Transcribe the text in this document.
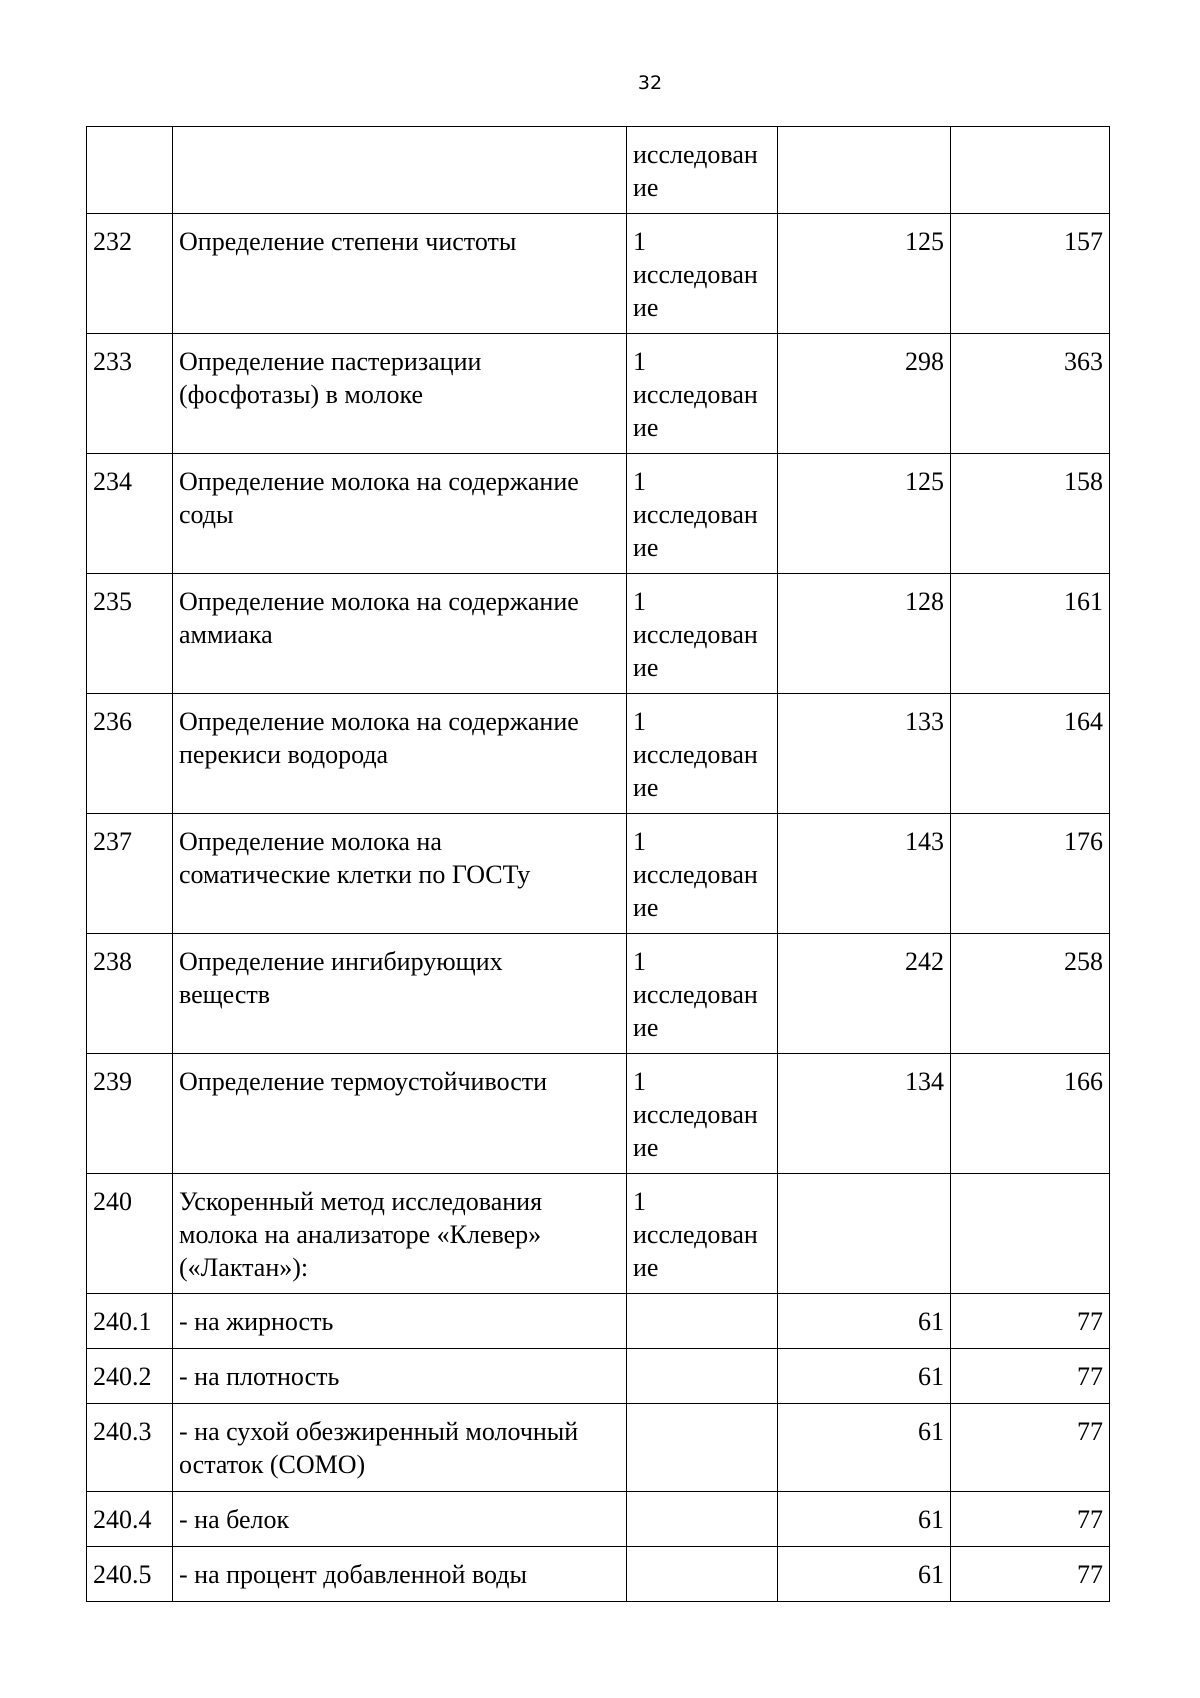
32
		исследован
ие		
232	Определение степени чистоты	1
исследован
ие	125	157
233	Определение пастеризации
(фосфотазы) в молоке	1
исследован
ие	298	363
234	Определение молока на содержание
соды	1
исследован
ие	125	158
235	Определение молока на содержание
аммиака	1
исследован
ие	128	161
236	Определение молока на содержание
перекиси водорода	1
исследован
ие	133	164
237	Определение молока на
соматические клетки по ГОСТу	1
исследован
ие	143	176
238	Определение ингибирующих
веществ	1
исследован
ие	242	258
239	Определение термоустойчивости	1
исследован
ие	134	166
240	Ускоренный метод исследования
молока на анализаторе «Клевер»
(«Лактан»):	1
исследован
ие		
240.1	- на жирность		61	77
240.2	- на плотность		61	77
240.3	- на сухой обезжиренный молочный
остаток (СОМО)		61	77
240.4	- на белок		61	77
240.5	- на процент добавленной воды		61	77
